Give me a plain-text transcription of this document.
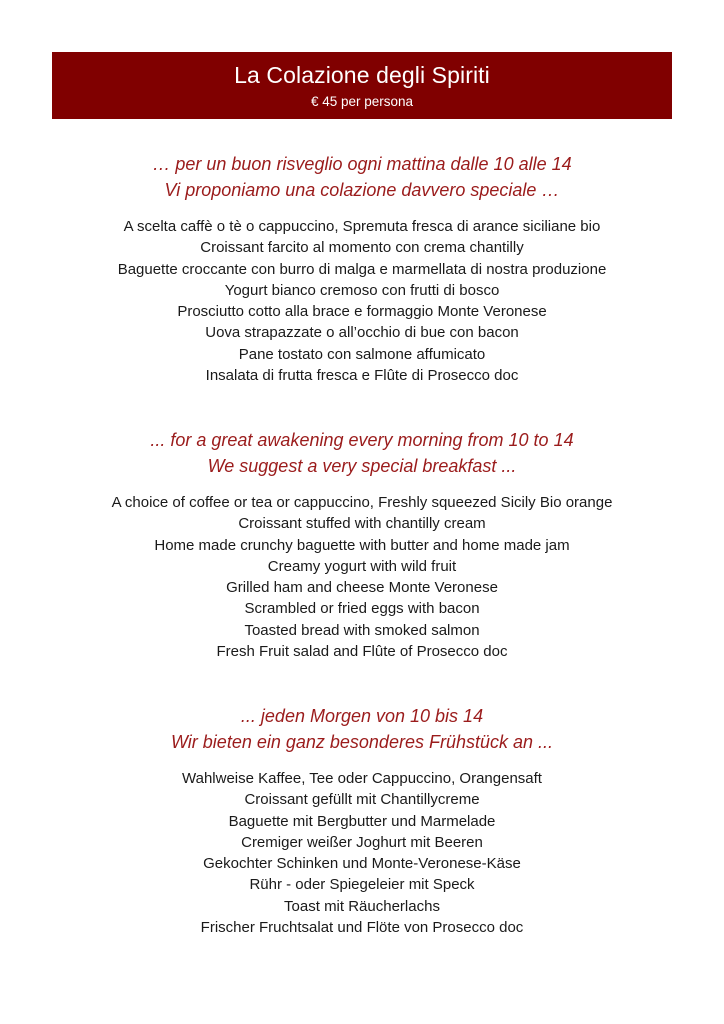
La Colazione degli Spiriti
€ 45 per persona
… per un buon risveglio ogni mattina dalle 10 alle 14
Vi proponiamo una colazione davvero speciale …
A scelta caffè o tè o cappuccino, Spremuta fresca di arance siciliane bio
Croissant farcito al momento con crema chantilly
Baguette croccante con burro di malga e marmellata di nostra produzione
Yogurt bianco cremoso con frutti di bosco
Prosciutto cotto alla brace e formaggio Monte Veronese
Uova strapazzate o all’occhio di bue con bacon
Pane tostato con salmone affumicato
Insalata di frutta fresca e Flûte di Prosecco doc
... for a great awakening every morning from 10 to 14
We suggest a very special breakfast ...
A choice of coffee or tea or cappuccino, Freshly squeezed Sicily Bio orange
Croissant stuffed with chantilly cream
Home made crunchy baguette with butter and home made jam
Creamy yogurt with wild fruit
Grilled ham and cheese Monte Veronese
Scrambled or fried eggs with bacon
Toasted bread with smoked salmon
Fresh Fruit salad and Flûte of Prosecco doc
... jeden Morgen von 10 bis 14
Wir bieten ein ganz besonderes Frühstück an ...
Wahlweise Kaffee, Tee oder Cappuccino, Orangensaft
Croissant gefüllt mit Chantillycreme
Baguette mit Bergbutter und Marmelade
Cremiger weißer Joghurt mit Beeren
Gekochter Schinken und Monte-Veronese-Käse
Rühr - oder Spiegeleier mit Speck
Toast mit Räucherlachs
Frischer Fruchtsalat und Flöte von Prosecco doc
